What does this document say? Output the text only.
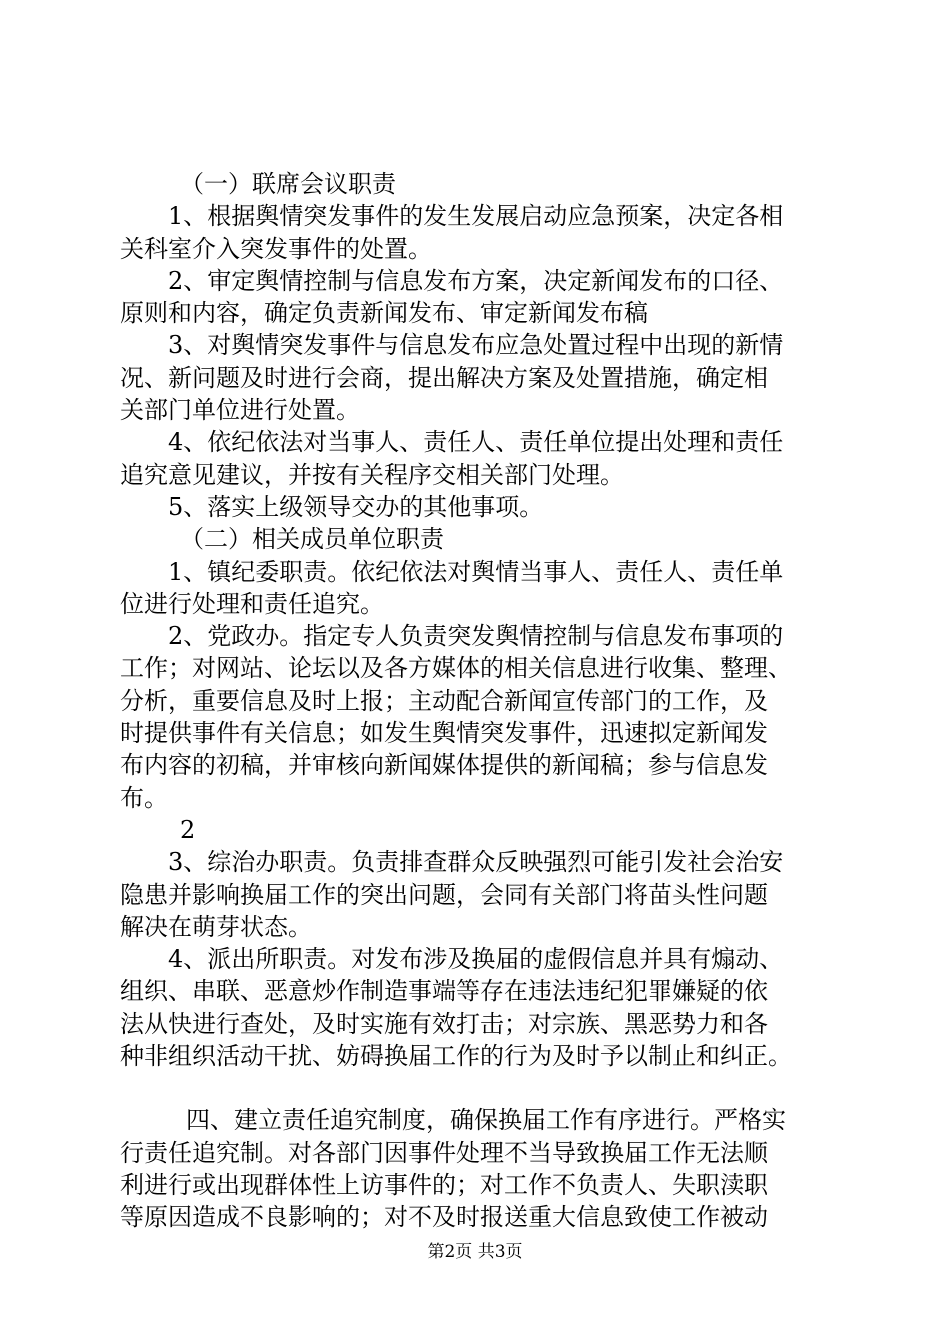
（一）联席会议职责
1、根据舆情突发事件的发生发展启动应急预案，决定各相
关科室介入突发事件的处置。
2、审定舆情控制与信息发布方案，决定新闻发布的口径、
原则和内容，确定负责新闻发布、审定新闻发布稿
3、对舆情突发事件与信息发布应急处置过程中出现的新情
况、新问题及时进行会商，提出解决方案及处置措施，确定相
关部门单位进行处置。
4、依纪依法对当事人、责任人、责任单位提出处理和责任
追究意见建议，并按有关程序交相关部门处理。
5、落实上级领导交办的其他事项。
（二）相关成员单位职责
1、镇纪委职责。依纪依法对舆情当事人、责任人、责任单
位进行处理和责任追究。
2、党政办。指定专人负责突发舆情控制与信息发布事项的
工作；对网站、论坛以及各方媒体的相关信息进行收集、整理、
分析，重要信息及时上报；主动配合新闻宣传部门的工作，及
时提供事件有关信息；如发生舆情突发事件，迅速拟定新闻发
布内容的初稿，并审核向新闻媒体提供的新闻稿；参与信息发
布。
2
3、综治办职责。负责排查群众反映强烈可能引发社会治安
隐患并影响换届工作的突出问题，会同有关部门将苗头性问题
解决在萌芽状态。
4、派出所职责。对发布涉及换届的虚假信息并具有煽动、
组织、串联、恶意炒作制造事端等存在违法违纪犯罪嫌疑的依
法从快进行查处，及时实施有效打击；对宗族、黑恶势力和各
种非组织活动干扰、妨碍换届工作的行为及时予以制止和纠正。
四、建立责任追究制度，确保换届工作有序进行。严格实
行责任追究制。对各部门因事件处理不当导致换届工作无法顺
利进行或出现群体性上访事件的；对工作不负责人、失职渎职
等原因造成不良影响的；对不及时报送重大信息致使工作被动
第2页 共3页
